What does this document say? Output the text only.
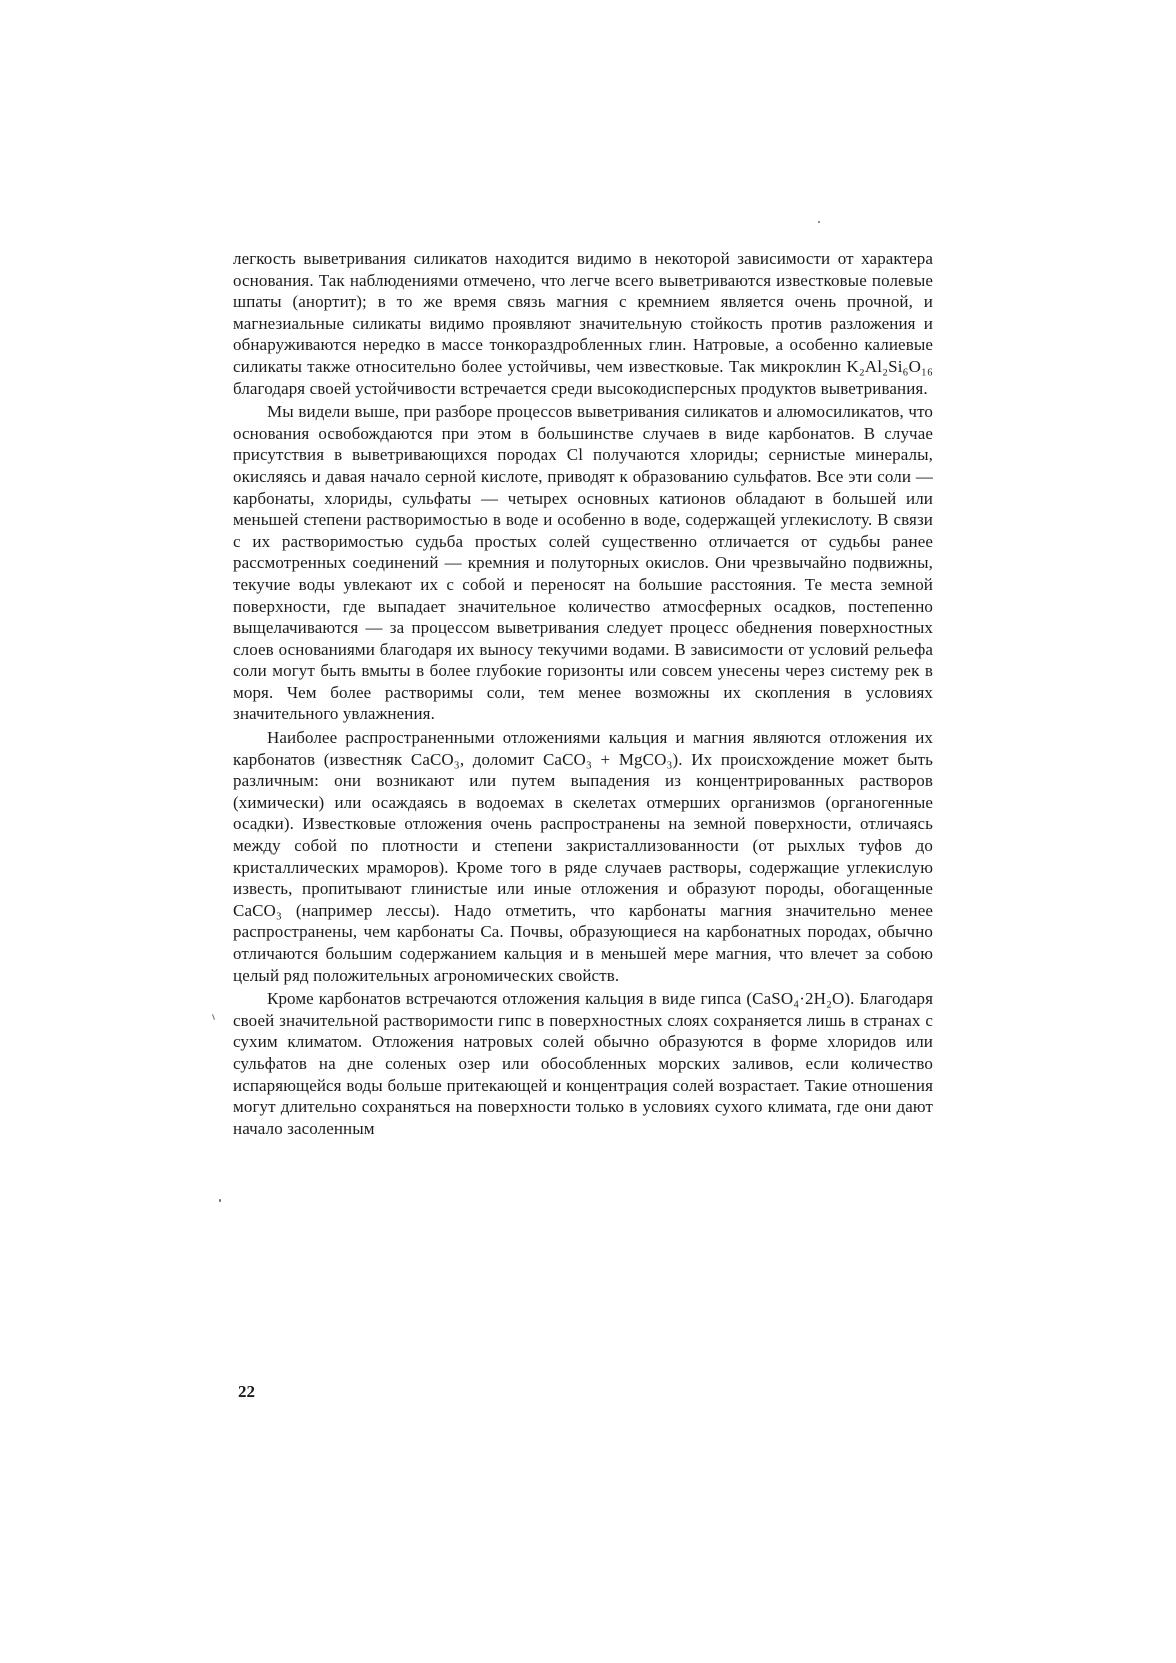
легкость выветривания силикатов находится видимо в некоторой зависимости от характера основания. Так наблюдениями отмечено, что легче всего выветриваются известковые полевые шпаты (анортит); в то же время связь магния с кремнием является очень прочной, и магнезиальные силикаты видимо проявляют значительную стойкость против разложения и обнаруживаются нередко в массе тонкораздробленных глин. Натровые, а особенно калиевые силикаты также относительно более устойчивы, чем известковые. Так микроклин K₂Al₂Si₆O₁₆ благодаря своей устойчивости встречается среди высокодисперсных продуктов выветривания.

Мы видели выше, при разборе процессов выветривания силикатов и алюмосиликатов, что основания освобождаются при этом в большинстве случаев в виде карбонатов. В случае присутствия в выветривающихся породах Cl получаются хлориды; сернистые минералы, окисляясь и давая начало серной кислоте, приводят к образованию сульфатов. Все эти соли — карбонаты, хлориды, сульфаты — четырех основных катионов обладают в большей или меньшей степени растворимостью в воде и особенно в воде, содержащей углекислоту. В связи с их растворимостью судьба простых солей существенно отличается от судьбы ранее рассмотренных соединений — кремния и полуторных окислов. Они чрезвычайно подвижны, текучие воды увлекают их с собой и переносят на большие расстояния. Те места земной поверхности, где выпадает значительное количество атмосферных осадков, постепенно выщелачиваются — за процессом выветривания следует процесс обеднения поверхностных слоев основаниями благодаря их выносу текучими водами. В зависимости от условий рельефа соли могут быть вмыты в более глубокие горизонты или совсем унесены через систему рек в моря. Чем более растворимы соли, тем менее возможны их скопления в условиях значительного увлажнения.

Наиболее распространенными отложениями кальция и магния являются отложения их карбонатов (известняк CaCO₃, доломит CaCO₃ + MgCO₃). Их происхождение может быть различным: они возникают или путем выпадения из концентрированных растворов (химически) или осаждаясь в водоемах в скелетах отмерших организмов (органогенные осадки). Известковые отложения очень распространены на земной поверхности, отличаясь между собой по плотности и степени закристаллизованности (от рыхлых туфов до кристаллических мраморов). Кроме того в ряде случаев растворы, содержащие углекислую известь, пропитывают глинистые или иные отложения и образуют породы, обогащенные CaCO₃ (например лессы). Надо отметить, что карбонаты магния значительно менее распространены, чем карбонаты Ca. Почвы, образующиеся на карбонатных породах, обычно отличаются большим содержанием кальция и в меньшей мере магния, что влечет за собою целый ряд положительных агрономических свойств.

Кроме карбонатов встречаются отложения кальция в виде гипса (CaSO₄·2H₂O). Благодаря своей значительной растворимости гипс в поверхностных слоях сохраняется лишь в странах с сухим климатом. Отложения натровых солей обычно образуются в форме хлоридов или сульфатов на дне соленых озер или обособленных морских заливов, если количество испаряющейся воды больше притекающей и концентрация солей возрастает. Такие отношения могут длительно сохраняться на поверхности только в условиях сухого климата, где они дают начало засоленным

22
